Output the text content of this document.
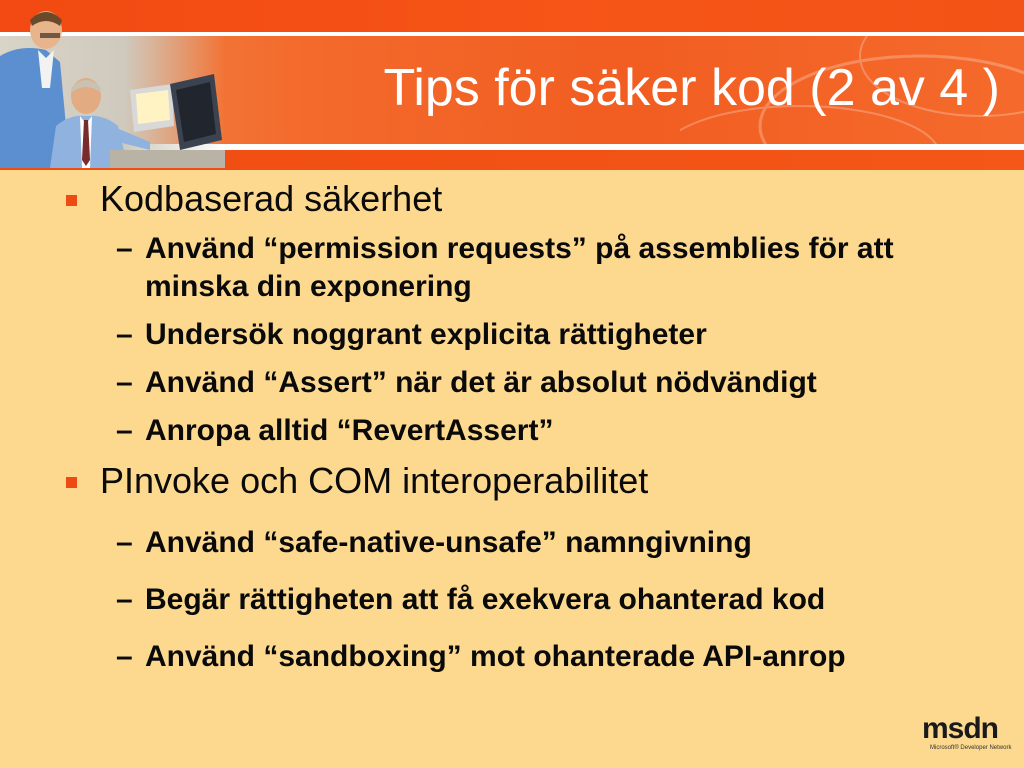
Tips för säker kod (2 av 4 )
Kodbaserad säkerhet
– Använd “permission requests” på assemblies för att minska din exponering
– Undersök noggrant explicita rättigheter
– Använd “Assert” när det är absolut nödvändigt
– Anropa alltid “RevertAssert”
PInvoke och COM interoperabilitet
– Använd “safe-native-unsafe” namngivning
– Begär rättigheten att få exekvera ohanterad kod
– Använd “sandboxing” mot ohanterade API-anrop
msdn
Microsoft® Developer Network
